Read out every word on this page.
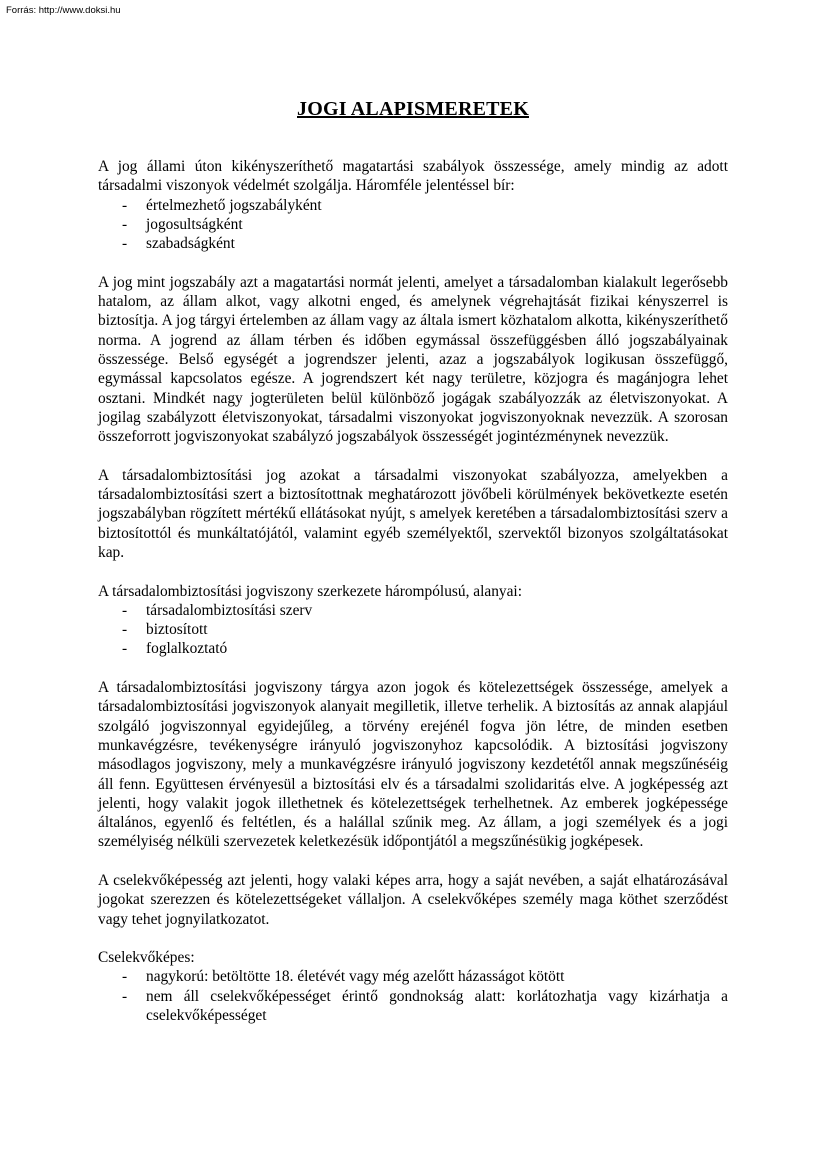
Forrás: http://www.doksi.hu
JOGI ALAPISMERETEK

A jog állami úton kikényszeríthető magatartási szabályok összessége, amely mindig az adott társadalmi viszonyok védelmét szolgálja. Háromféle jelentéssel bír:

- értelmezhető jogszabályként
- jogosultságként
- szabadságként

A jog mint jogszabály azt a magatartási normát jelenti, amelyet a társadalomban kialakult legerősebb hatalom, az állam alkot, vagy alkotni enged, és amelynek végrehajtását fizikai kényszerrel is biztosítja. A jog tárgyi értelemben az állam vagy az általa ismert közhatalom alkotta, kikényszeríthető norma. A jogrend az állam térben és időben egymással összefüggésben álló jogszabályainak összessége. Belső egységét a jogrendszer jelenti, azaz a jogszabályok logikusan összefüggő, egymással kapcsolatos egésze. A jogrendszert két nagy területre, közjogra és magánjogra lehet osztani. Mindkét nagy jogterületen belül különböző jogágak szabályozzák az életviszonyokat. A jogilag szabályzott életviszonyokat, társadalmi viszonyokat jogviszonyoknak nevezzük. A szorosan összeforrott jogviszonyokat szabályzó jogszabályok összességét jogintézménynek nevezzük.

A társadalombiztosítási jog azokat a társadalmi viszonyokat szabályozza, amelyekben a társadalombiztosítási szert a biztosítottnak meghatározott jövőbeli körülmények bekövetkezte esetén jogszabályban rögzített mértékű ellátásokat nyújt, s amelyek keretében a társadalombiztosítási szerv a biztosítottól és munkáltatójától, valamint egyéb személyektől, szervektől bizonyos szolgáltatásokat kap.

A társadalombiztosítási jogviszony szerkezete hárompólusú, alanyai:

- társadalombiztosítási szerv
- biztosított
- foglalkoztató

A társadalombiztosítási jogviszony tárgya azon jogok és kötelezettségek összessége, amelyek a társadalombiztosítási jogviszonyok alanyait megilletik, illetve terhelik. A biztosítás az annak alapjául szolgáló jogviszonnyal egyidejűleg, a törvény erejénél fogva jön létre, de minden esetben munkavégzésre, tevékenységre irányuló jogviszonyhoz kapcsolódik. A biztosítási jogviszony másodlagos jogviszony, mely a munkavégzésre irányuló jogviszony kezdetétől annak megszűnéséig áll fenn. Együttesen érvényesül a biztosítási elv és a társadalmi szolidaritás elve. A jogképesség azt jelenti, hogy valakit jogok illethetnek és kötelezettségek terhelhetnek. Az emberek jogképessége általános, egyenlő és feltétlen, és a halállal szűnik meg. Az állam, a jogi személyek és a jogi személyiség nélküli szervezetek keletkezésük időpontjától a megszűnésükig jogképesek.

A cselekvőképesség azt jelenti, hogy valaki képes arra, hogy a saját nevében, a saját elhatározásával jogokat szerezzen és kötelezettségeket vállaljon. A cselekvőképes személy maga köthet szerződést vagy tehet jognyilatkozatot.

Cselekvőképes:

- nagykorú: betöltötte 18. életévét vagy még azelőtt házasságot kötött
- nem áll cselekvőképességet érintő gondnokság alatt: korlátozhatja vagy kizárhatja a cselekvőképességet
